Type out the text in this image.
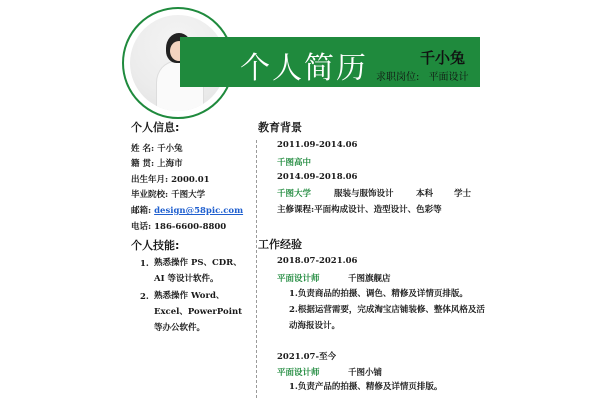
个人简历	千小兔
求职岗位: 平面设计
个人信息:
姓 名: 千小兔
籍 贯: 上海市
出生年月: 2000.01
毕业院校: 千图大学
邮箱: design@58pic.com
电话: 186-6600-8800
个人技能:
1. 熟悉操作 PS、CDR、
AI 等设计软件。
2. 熟悉操作 Word、
Excel、PowerPoint
等办公软件。
教育背景
2011.09-2014.06
千图高中
2014.09-2018.06
千图大学	服装与服饰设计	本科 学士
主修课程:平面构成设计、造型设计、色彩等
工作经验
2018.07-2021.06
平面设计师	千图旗舰店
1.负责商品的拍摄、调色、精修及详情页排版。
2.根据运营需要，完成淘宝店铺装修、整体风格及活
动海报设计。
2021.07-至今
平面设计师	千图小铺
1.负责产品的拍摄、精修及详情页排版。
